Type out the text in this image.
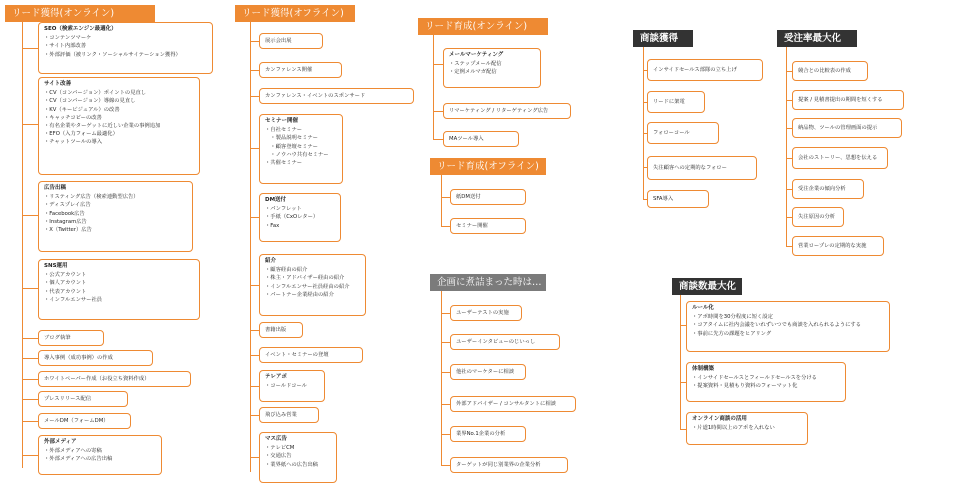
リード獲得(オンライン)
SEO（検索エンジン最適化）
・コンテンツマーケ
・サイト内部改善
・外部評価（被リンク・ソーシャルサイテーション獲得）
サイト改善
・CV（コンバージョン）ポイントの見直し
・CV（コンバージョン）導線の見直し
・KV（キービジュアル）の改善
・キャッチコピーの改善
・有名企業やターゲットに近しい企業の事例追加
・EFO（入力フォーム最適化）
・チャットツールの導入
広告出稿
・リスティング広告（検索連動型広告）
・ディスプレイ広告
・Facebook広告
・Instagram広告
・X（Twitter）広告
SNS運用
・公式アカウント
・個人アカウント
・代表アカウント
・インフルエンサー社員
ブログ執筆
導入事例（成功事例）の作成
ホワイトペーパー作成（お役立ち資料作成）
プレスリリース配信
メールDM（フォームDM）
外部メディア
・外部メディアへの寄稿
・外部メディアへの広告出稿
リード獲得(オフライン)
展示会出展
カンファレンス開催
カンファレンス・イベントのスポンサード
セミナー開催
・自社セミナー
　・製品説明セミナー
　・顧客登壇セミナー
　・ノウハウ共有セミナー
・共催セミナー
DM送付
・パンフレット
・手紙（CxOレター）
・Fax
紹介
・顧客経由の紹介
・株主・アドバイザー経由の紹介
・インフルエンサー社員経由の紹介
・パートナー企業経由の紹介
書籍出版
イベント・セミナーの登壇
テレアポ
・コールドコール
飛び込み営業
マス広告
・テレビCM
・交通広告
・業界紙への広告出稿
リード育成(オンライン)
メールマーケティング
・ステップメール配信
・定例メルマガ配信
リマーケティング / リターゲティング広告
MAツール導入
リード育成(オフライン)
紙DM送付
セミナー開催
企画に煮詰まった時は…
ユーザーテストの実施
ユーザーインタビューのじいっし
他社のマーケターに相談
外部アドバイザー / コンサルタントに相談
業界No.1企業の分析
ターゲットが同じ別業界の企業分析
商談獲得
インサイドセールス部隊の立ち上げ
リードに架電
フォローコール
失注顧客への定期的なフォロー
SFA導入
商談数最大化
ルール化
・アポ時間を30分程度に短く設定
・コアタイムに社内会議をいれずいつでも商談を入れられるようにする
・事前に先方の課題をヒアリング
体制構築
・インサイドセールスとフィールドセールスを分ける
・提案資料・見積もり資料のフォーマット化
オンライン商談の活用
・片道1時間以上のアポを入れない
受注率最大化
競合との比較表の作成
提案 / 見積書提出の期間を短くする
納品物、ツールの管理画面の提示
会社のストーリー、思想を伝える
受注企業の傾向分析
失注原因の分析
営業ロープレの定期的な実施
